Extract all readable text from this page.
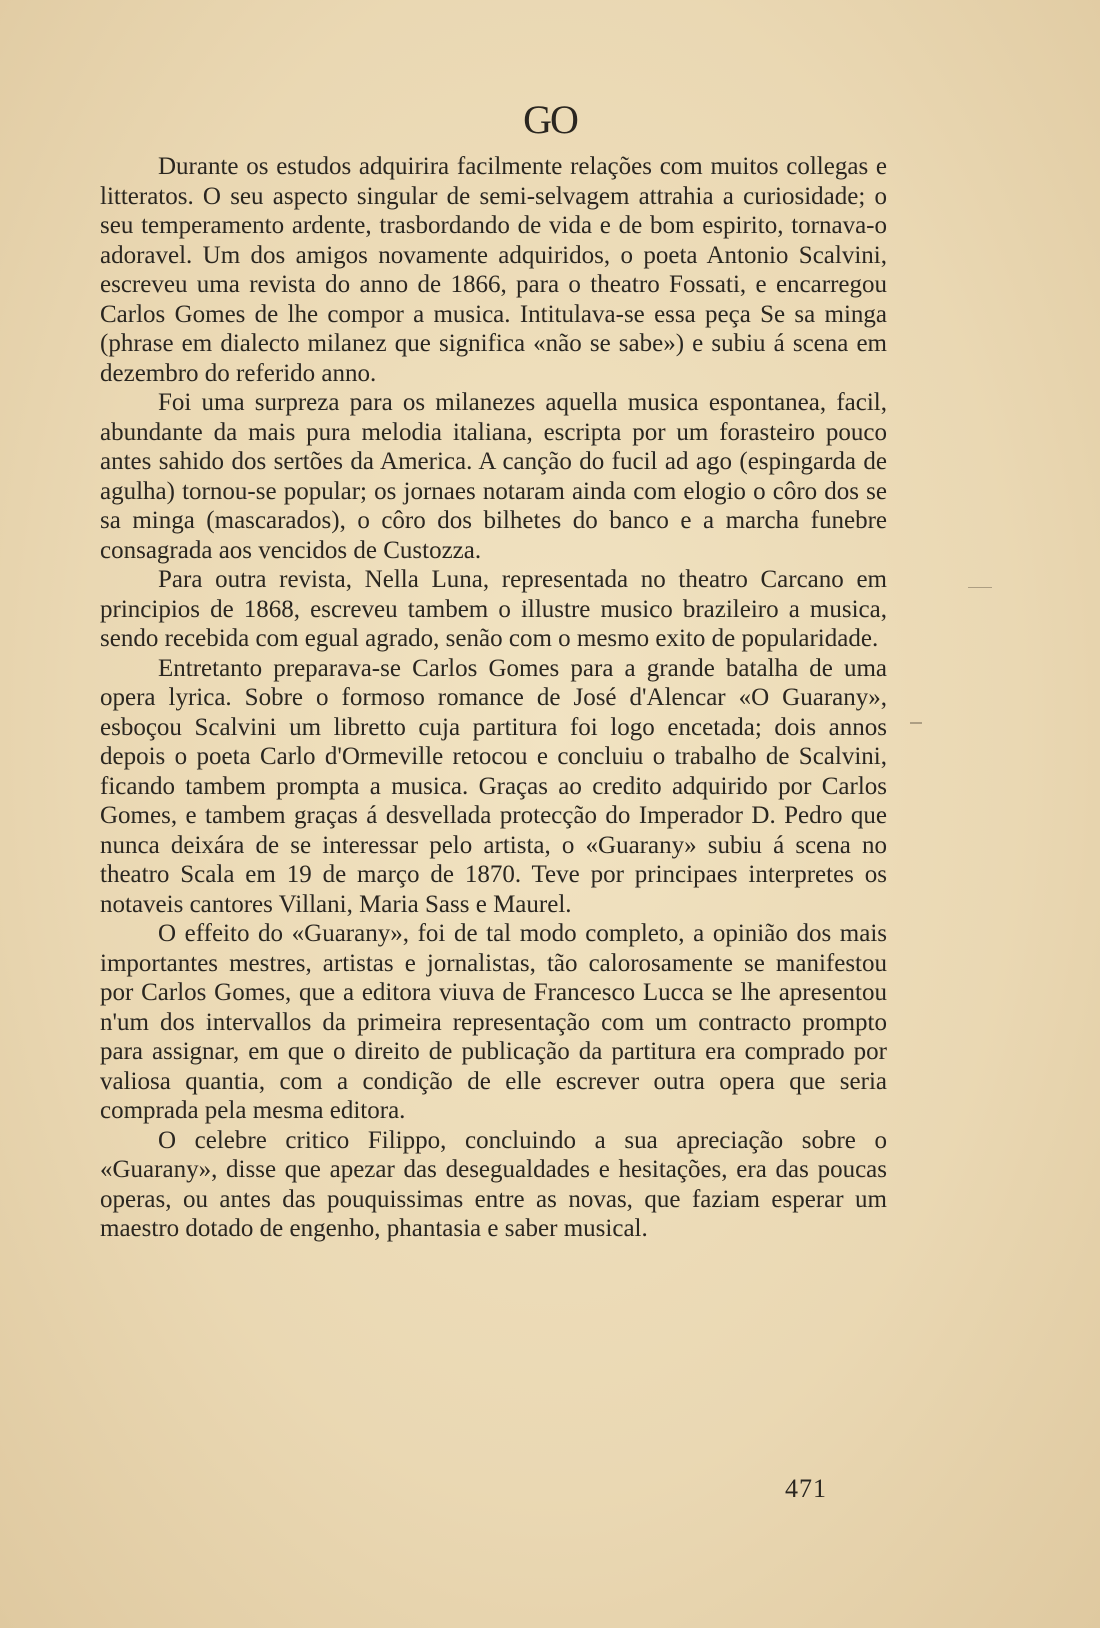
GO

Durante os estudos adquirira facilmente relações com muitos collegas e litteratos. O seu aspecto singular de semi-selvagem attrahia a curiosidade; o seu temperamento ardente, trasbordando de vida e de bom espirito, tornava-o adoravel. Um dos amigos novamente adquiridos, o poeta Antonio Scalvini, escreveu uma revista do anno de 1866, para o theatro Fossati, e encarregou Carlos Gomes de lhe compor a musica. Intitulava-se essa peça Se sa minga (phrase em dialecto milanez que significa «não se sabe») e subiu á scena em dezembro do referido anno.

Foi uma surpreza para os milanezes aquella musica espontanea, facil, abundante da mais pura melodia italiana, escripta por um forasteiro pouco antes sahido dos sertões da America. A canção do fucil ad ago (espingarda de agulha) tornou-se popular; os jornaes notaram ainda com elogio o côro dos se sa minga (mascarados), o côro dos bilhetes do banco e a marcha funebre consagrada aos vencidos de Custozza.

Para outra revista, Nella Luna, representada no theatro Carcano em principios de 1868, escreveu tambem o illustre musico brazileiro a musica, sendo recebida com egual agrado, senão com o mesmo exito de popularidade.

Entretanto preparava-se Carlos Gomes para a grande batalha de uma opera lyrica. Sobre o formoso romance de José d'Alencar «O Guarany», esboçou Scalvini um libretto cuja partitura foi logo encetada; dois annos depois o poeta Carlo d'Ormeville retocou e concluiu o trabalho de Scalvini, ficando tambem prompta a musica. Graças ao credito adquirido por Carlos Gomes, e tambem graças á desvellada protecção do Imperador D. Pedro que nunca deixára de se interessar pelo artista, o «Guarany» subiu á scena no theatro Scala em 19 de março de 1870. Teve por principaes interpretes os notaveis cantores Villani, Maria Sass e Maurel.

O effeito do «Guarany», foi de tal modo completo, a opinião dos mais importantes mestres, artistas e jornalistas, tão calorosamente se manifestou por Carlos Gomes, que a editora viuva de Francesco Lucca se lhe apresentou n'um dos intervallos da primeira representação com um contracto prompto para assignar, em que o direito de publicação da partitura era comprado por valiosa quantia, com a condição de elle escrever outra opera que seria comprada pela mesma editora.

O celebre critico Filippo, concluindo a sua apreciação sobre o «Guarany», disse que apezar das desegualdades e hesitações, era das poucas operas, ou antes das pouquissimas entre as novas, que faziam esperar um maestro dotado de engenho, phantasia e saber musical.

471
